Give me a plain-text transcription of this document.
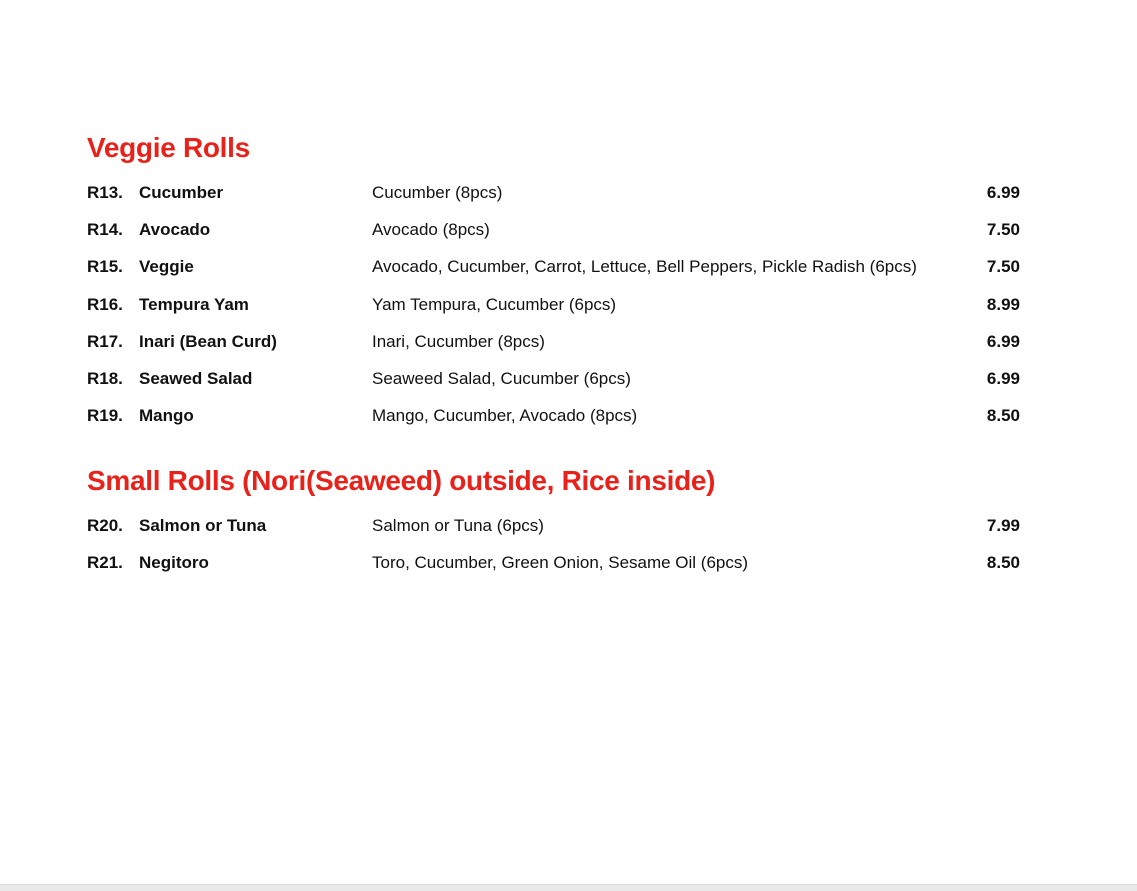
Veggie Rolls
R13. Cucumber	Cucumber (8pcs)	6.99
R14. Avocado	Avocado (8pcs)	7.50
R15. Veggie	Avocado, Cucumber, Carrot, Lettuce, Bell Peppers, Pickle Radish (6pcs)	7.50
R16. Tempura Yam	Yam Tempura, Cucumber (6pcs)	8.99
R17. Inari (Bean Curd)	Inari, Cucumber (8pcs)	6.99
R18. Seawed Salad	Seaweed Salad, Cucumber (6pcs)	6.99
R19. Mango	Mango, Cucumber, Avocado (8pcs)	8.50
Small Rolls (Nori(Seaweed) outside, Rice inside)
R20. Salmon or Tuna	Salmon or Tuna (6pcs)	7.99
R21. Negitoro	Toro, Cucumber, Green Onion, Sesame Oil (6pcs)	8.50
